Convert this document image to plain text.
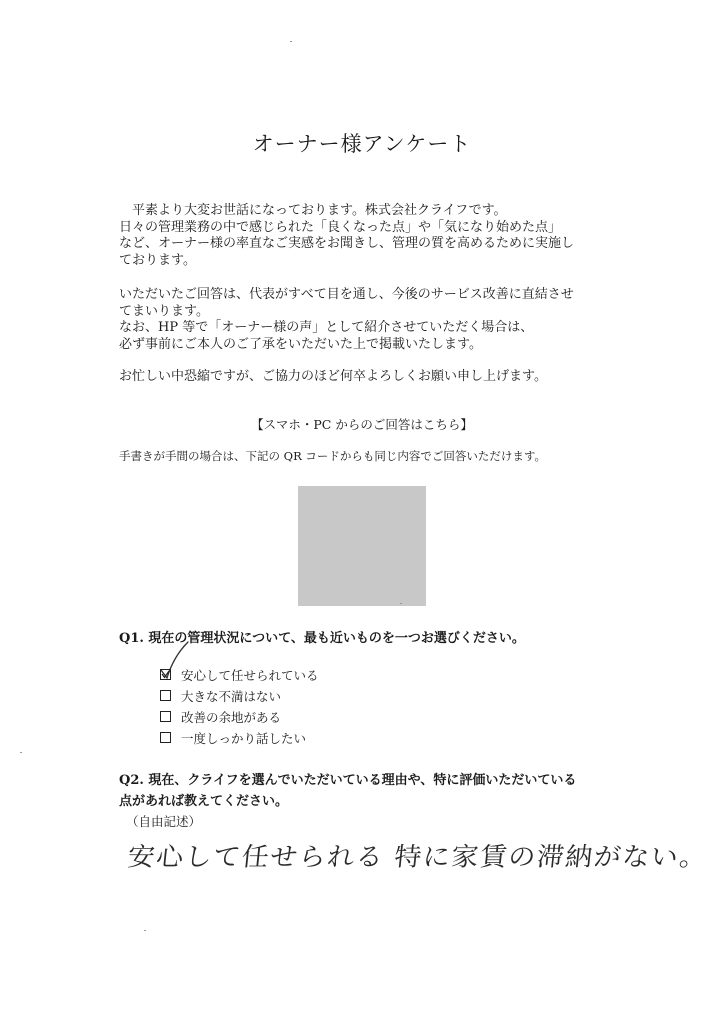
オーナー様アンケート

　平素より大変お世話になっております。株式会社クライフです。

日々の管理業務の中で感じられた「良くなった点」や「気になり始めた点」

など、オーナー様の率直なご実感をお聞きし、管理の質を高めるために実施し

ております。

いただいたご回答は、代表がすべて目を通し、今後のサービス改善に直結させ

てまいります。

なお、HP 等で「オーナー様の声」として紹介させていただく場合は、

必ず事前にご本人のご了承をいただいた上で掲載いたします。

お忙しい中恐縮ですが、ご協力のほど何卒よろしくお願い申し上げます。
【スマホ・PC からのご回答はこちら】
手書きが手間の場合は、下記の QR コードからも同じ内容でご回答いただけます。
Q1. 現在の管理状況について、最も近いものを一つお選びください。
安心して任せられている
大きな不満はない
改善の余地がある
一度しっかり話したい
Q2. 現在、クライフを選んでいただいている理由や、特に評価いただいている
点があれば教えてください。
（自由記述）
安心して任せられる 特に家賃の滞納がない。
